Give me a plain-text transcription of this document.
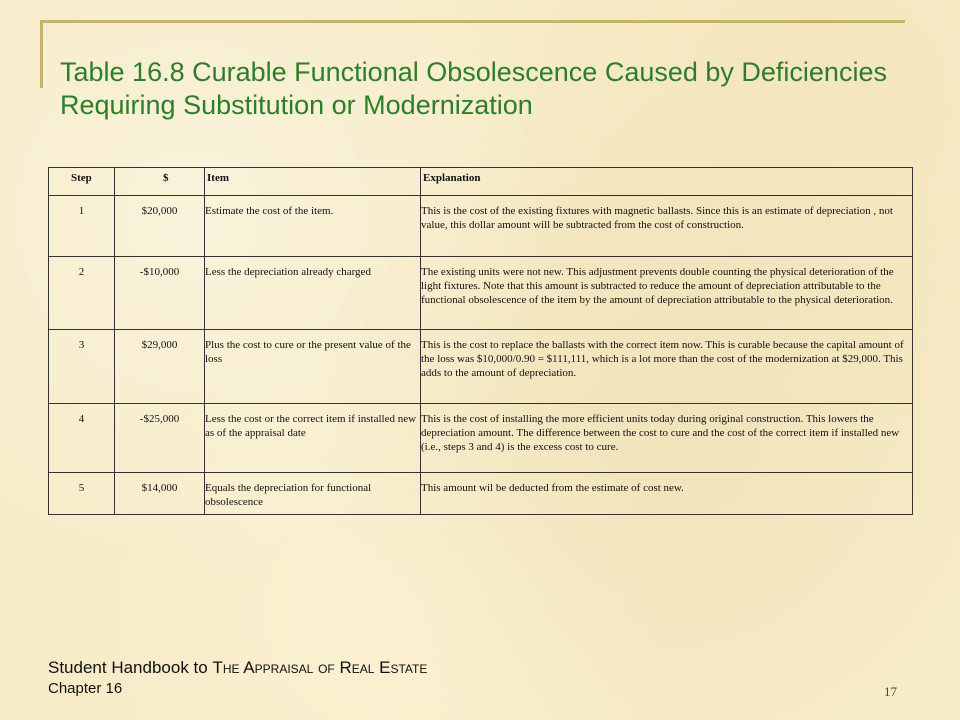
Table 16.8 Curable Functional Obsolescence Caused by Deficiencies Requiring Substitution or Modernization
Step	$	Item	Explanation

1	$20,000	Estimate the cost of the item.	This is the cost of the existing fixtures with magnetic ballasts. Since this is an estimate of depreciation , not value, this dollar amount will be subtracted from the cost of construction.

2	-$10,000	Less the depreciation already charged	The existing units were not new. This adjustment prevents double counting the physical deterioration of the light fixtures. Note that this amount is subtracted to reduce the amount of depreciation attributable to the functional obsolescence of the item by the amount of depreciation attributable to the physical deterioration.

3	$29,000	Plus the cost to cure or the present value of the loss	This is the cost to replace the ballasts with the correct item now. This is curable because the capital amount of the loss was $10,000/0.90 = $111,111, which is a lot more than the cost of the modernization at $29,000. This adds to the amount of depreciation.

4	-$25,000	Less the cost or the correct item if installed new as of the appraisal date	This is the cost of installing the more efficient units today during original construction. This lowers the depreciation amount. The difference between the cost to cure and the cost of the correct item if installed new (i.e., steps 3 and 4) is the excess cost to cure.

5	$14,000	Equals the depreciation for functional obsolescence	This amount wil be deducted from the estimate of cost new.
Student Handbook to The Appraisal of Real Estate
Chapter 16	17
